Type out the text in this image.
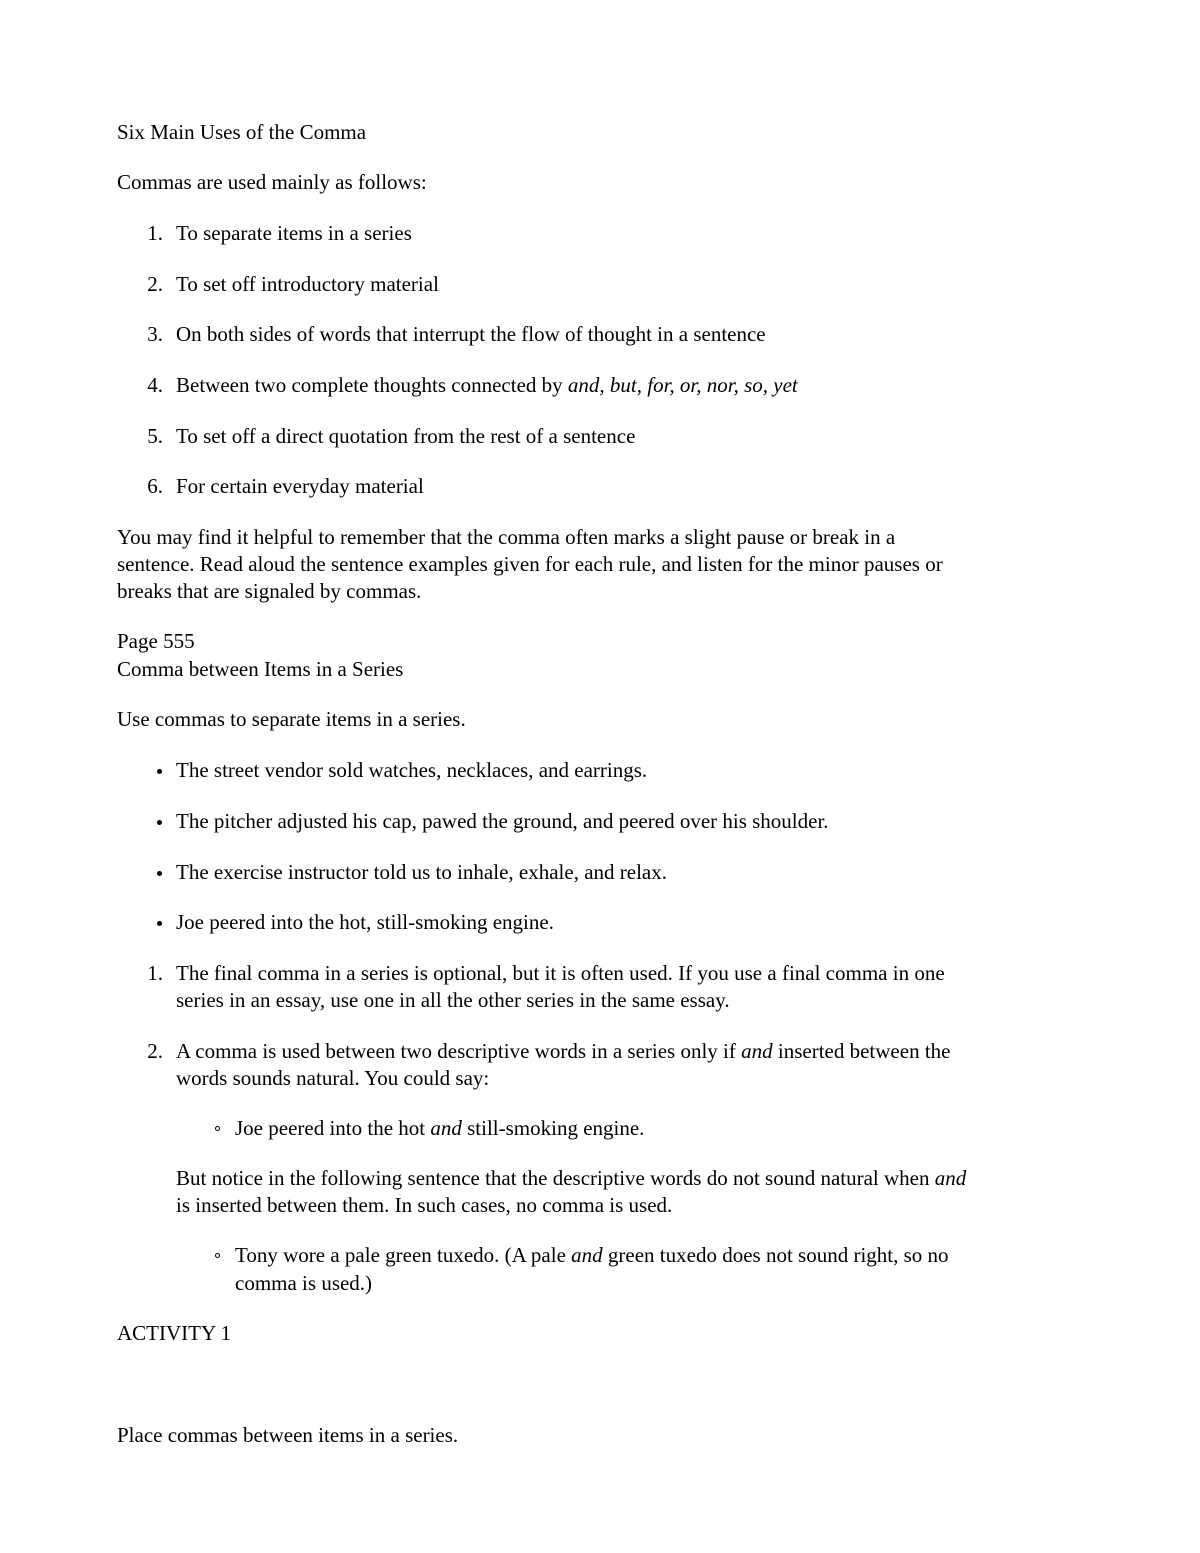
Six Main Uses of the Comma
Commas are used mainly as follows:
1. To separate items in a series
2. To set off introductory material
3. On both sides of words that interrupt the flow of thought in a sentence
4. Between two complete thoughts connected by and, but, for, or, nor, so, yet
5. To set off a direct quotation from the rest of a sentence
6. For certain everyday material
You may find it helpful to remember that the comma often marks a slight pause or break in a
sentence. Read aloud the sentence examples given for each rule, and listen for the minor pauses or
breaks that are signaled by commas.
Page 555
Comma between Items in a Series
Use commas to separate items in a series.
The street vendor sold watches, necklaces, and earrings.
The pitcher adjusted his cap, pawed the ground, and peered over his shoulder.
The exercise instructor told us to inhale, exhale, and relax.
Joe peered into the hot, still-smoking engine.
1. The final comma in a series is optional, but it is often used. If you use a final comma in one
series in an essay, use one in all the other series in the same essay.
2. A comma is used between two descriptive words in a series only if and inserted between the
words sounds natural. You could say:
Joe peered into the hot and still-smoking engine.
But notice in the following sentence that the descriptive words do not sound natural when and
is inserted between them. In such cases, no comma is used.
Tony wore a pale green tuxedo. (A pale and green tuxedo does not sound right, so no
comma is used.)
ACTIVITY 1
Place commas between items in a series.
